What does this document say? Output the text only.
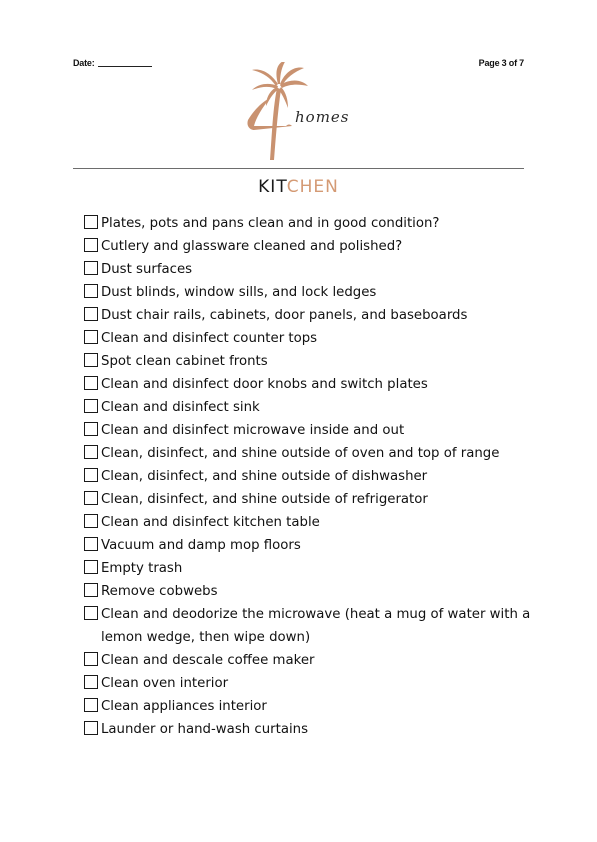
Date:	Page 3 of 7
homes
KITCHEN
Plates, pots and pans clean and in good condition?
Cutlery and glassware cleaned and polished?
Dust surfaces
Dust blinds, window sills, and lock ledges
Dust chair rails, cabinets, door panels, and baseboards
Clean and disinfect counter tops
Spot clean cabinet fronts
Clean and disinfect door knobs and switch plates
Clean and disinfect sink
Clean and disinfect microwave inside and out
Clean, disinfect, and shine outside of oven and top of range
Clean, disinfect, and shine outside of dishwasher
Clean, disinfect, and shine outside of refrigerator
Clean and disinfect kitchen table
Vacuum and damp mop floors
Empty trash
Remove cobwebs
Clean and deodorize the microwave (heat a mug of water with a lemon wedge, then wipe down)
Clean and descale coffee maker
Clean oven interior
Clean appliances interior
Launder or hand-wash curtains
